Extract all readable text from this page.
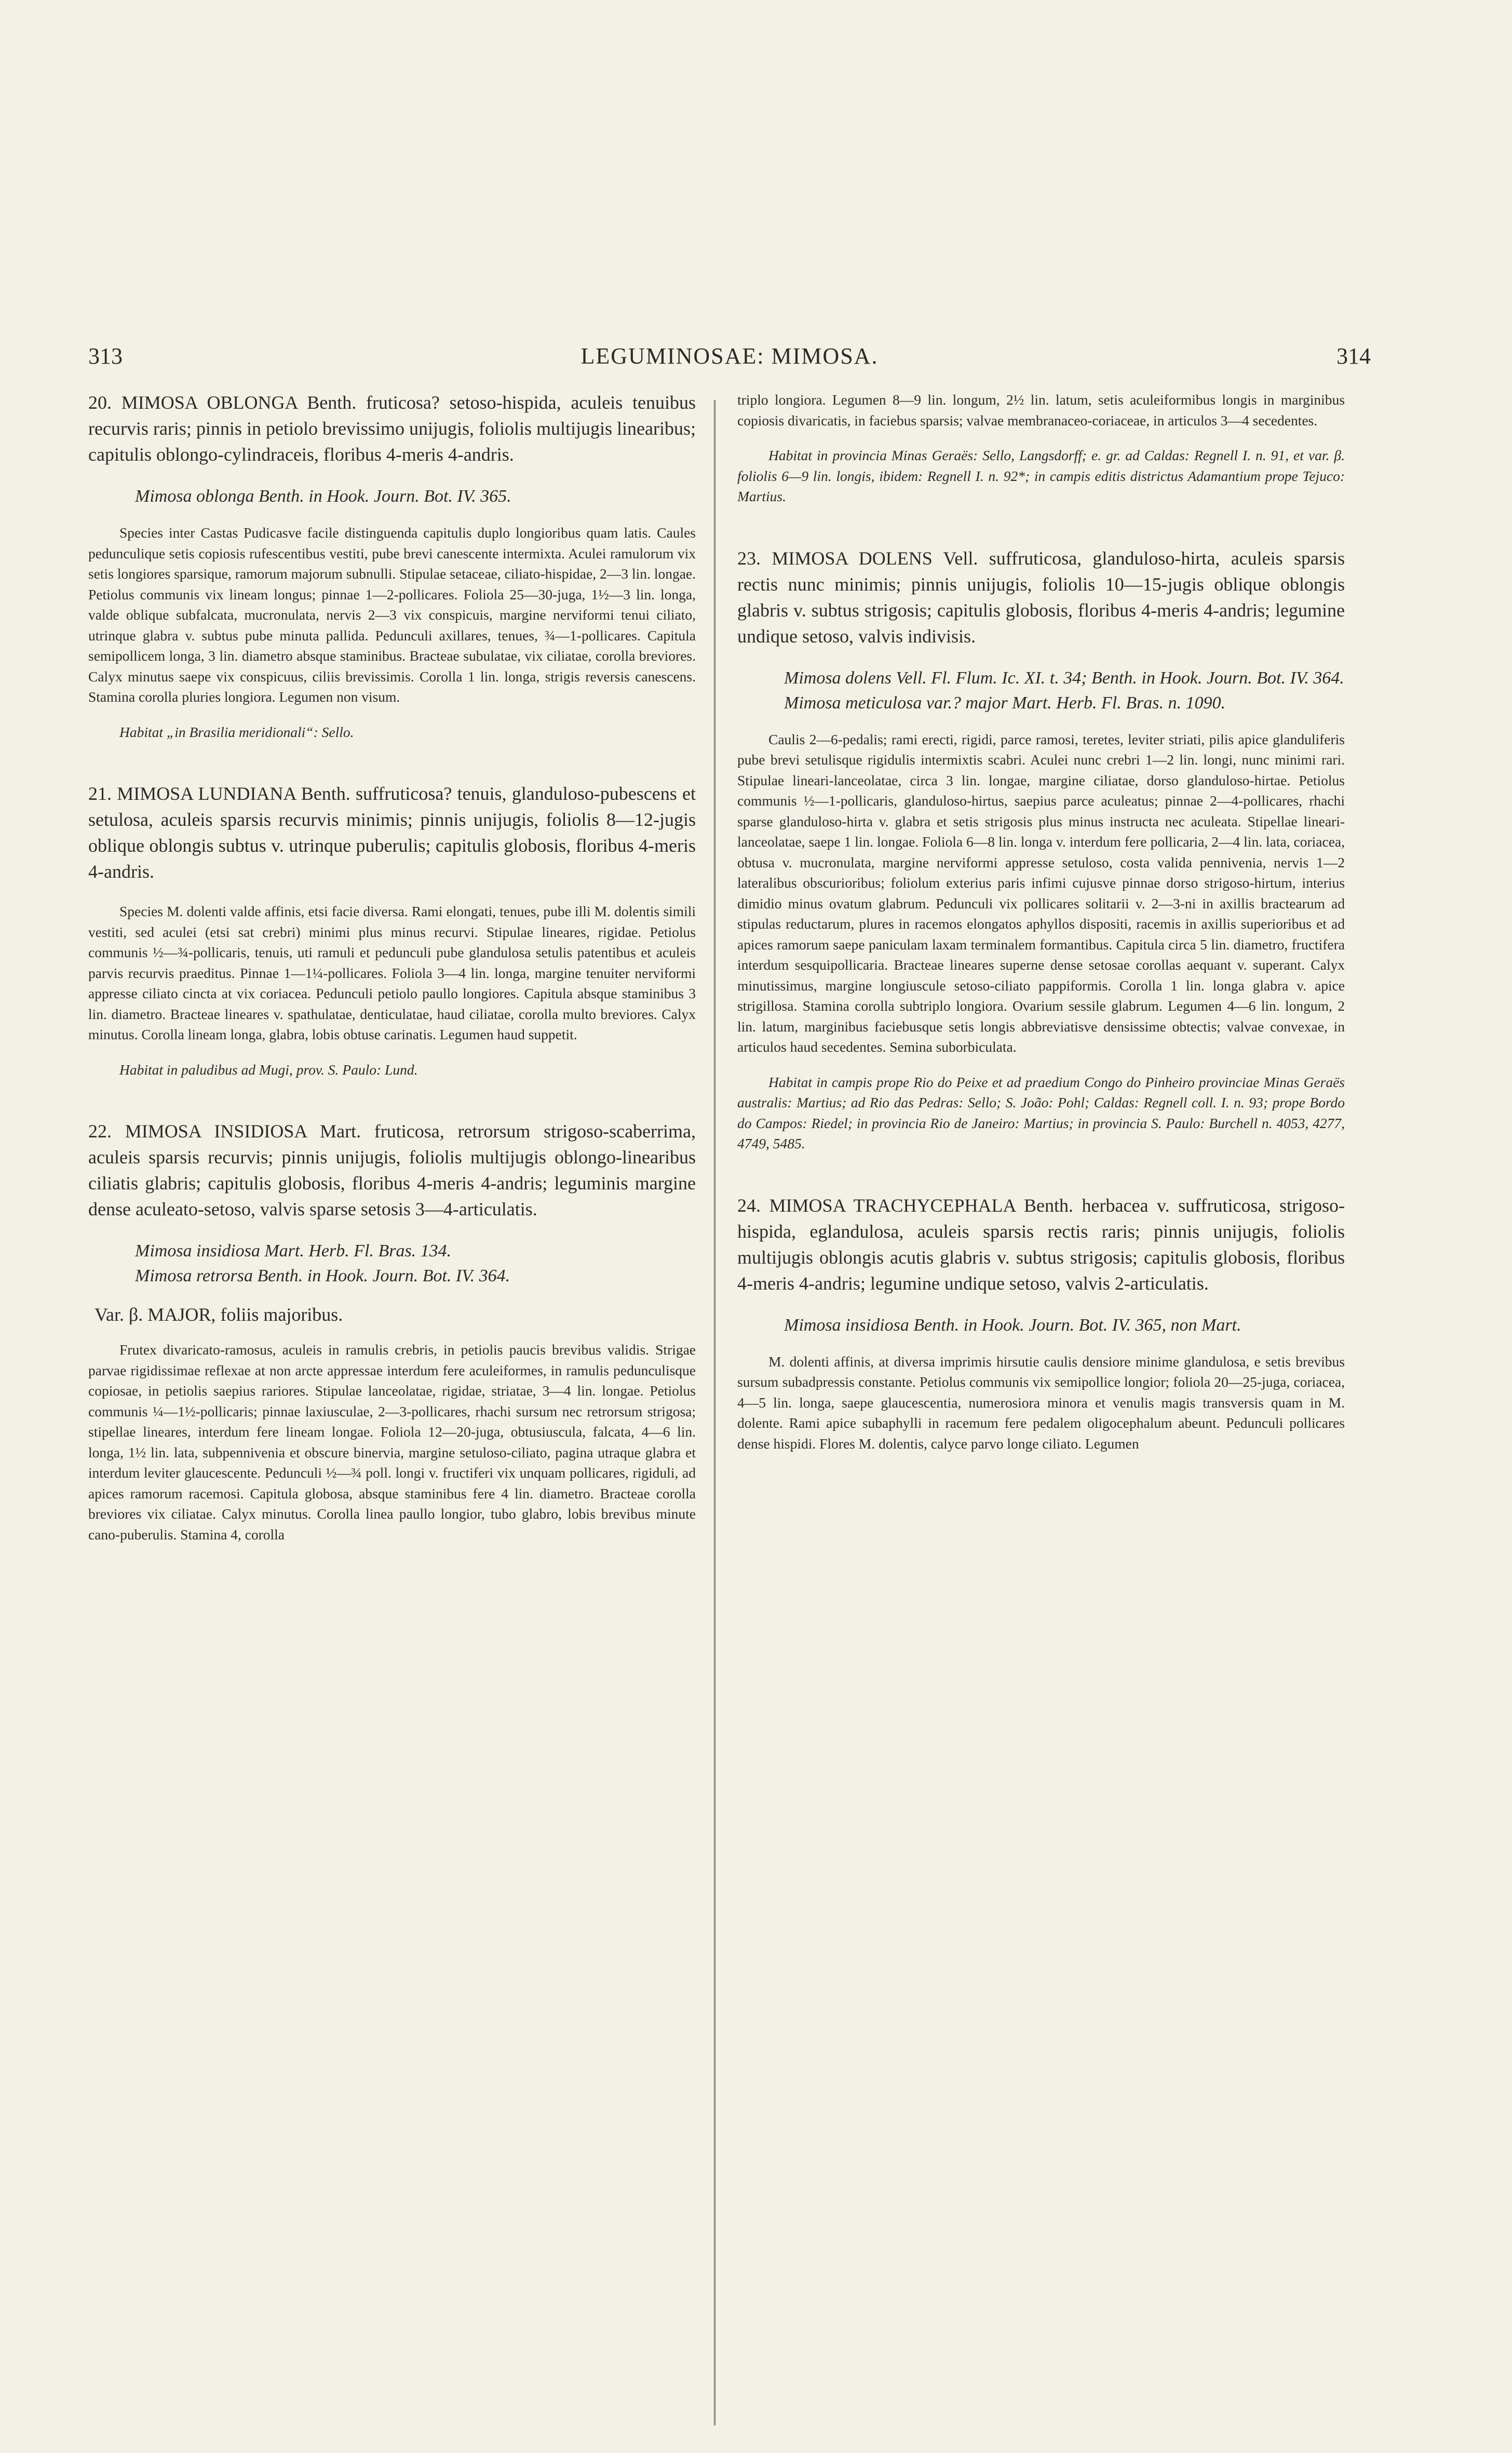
313	LEGUMINOSAE: MIMOSA.	314

20. MIMOSA OBLONGA Benth. fruticosa? setoso-hispida, aculeis tenuibus recurvis raris; pinnis in petiolo brevissimo unijugis, foliolis multijugis linearibus; capitulis oblongo-cylindraceis, floribus 4-meris 4-andris.

Mimosa oblonga Benth. in Hook. Journ. Bot. IV. 365.

Species inter Castas Pudicasve facile distinguenda capitulis duplo longioribus quam latis. Caules pedunculique setis copiosis rufescentibus vestiti, pube brevi canescente intermixta. Aculei ramulorum vix setis longiores sparsique, ramorum majorum subnulli. Stipulae setaceae, ciliato-hispidae, 2—3 lin. longae. Petiolus communis vix lineam longus; pinnae 1—2-pollicares. Foliola 25—30-juga, 1½—3 lin. longa, valde oblique subfalcata, mucronulata, nervis 2—3 vix conspicuis, margine nerviformi tenui ciliato, utrinque glabra v. subtus pube minuta pallida. Pedunculi axillares, tenues, ¾—1-pollicares. Capitula semipollicem longa, 3 lin. diametro absque staminibus. Bracteae subulatae, vix ciliatae, corolla breviores. Calyx minutus saepe vix conspicuus, ciliis brevissimis. Corolla 1 lin. longa, strigis reversis canescens. Stamina corolla pluries longiora. Legumen non visum.

Habitat „in Brasilia meridionali“: Sello.

21. MIMOSA LUNDIANA Benth. suffruticosa? tenuis, glanduloso-pubescens et setulosa, aculeis sparsis recurvis minimis; pinnis unijugis, foliolis 8—12-jugis oblique oblongis subtus v. utrinque puberulis; capitulis globosis, floribus 4-meris 4-andris.

Species M. dolenti valde affinis, etsi facie diversa. Rami elongati, tenues, pube illi M. dolentis simili vestiti, sed aculei (etsi sat crebri) minimi plus minus recurvi. Stipulae lineares, rigidae. Petiolus communis ½—¾-pollicaris, tenuis, uti ramuli et pedunculi pube glandulosa setulis patentibus et aculeis parvis recurvis praeditus. Pinnae 1—1¼-pollicares. Foliola 3—4 lin. longa, margine tenuiter nerviformi appresse ciliato cincta at vix coriacea. Pedunculi petiolo paullo longiores. Capitula absque staminibus 3 lin. diametro. Bracteae lineares v. spathulatae, denticulatae, haud ciliatae, corolla multo breviores. Calyx minutus. Corolla lineam longa, glabra, lobis obtuse carinatis. Legumen haud suppetit.

Habitat in paludibus ad Mugi, prov. S. Paulo: Lund.

22. MIMOSA INSIDIOSA Mart. fruticosa, retrorsum strigoso-scaberrima, aculeis sparsis recurvis; pinnis unijugis, foliolis multijugis oblongo-linearibus ciliatis glabris; capitulis globosis, floribus 4-meris 4-andris; leguminis margine dense aculeato-setoso, valvis sparse setosis 3—4-articulatis.

Mimosa insidiosa Mart. Herb. Fl. Bras. 134.

Mimosa retrorsa Benth. in Hook. Journ. Bot. IV. 364.

Var. β. MAJOR, foliis majoribus.

Frutex divaricato-ramosus, aculeis in ramulis crebris, in petiolis paucis brevibus validis. Strigae parvae rigidissimae reflexae at non arcte appressae interdum fere aculeiformes, in ramulis pedunculisque copiosae, in petiolis saepius rariores. Stipulae lanceolatae, rigidae, striatae, 3—4 lin. longae. Petiolus communis ¼—1½-pollicaris; pinnae laxiusculae, 2—3-pollicares, rhachi sursum nec retrorsum strigosa; stipellae lineares, interdum fere lineam longae. Foliola 12—20-juga, obtusiuscula, falcata, 4—6 lin. longa, 1½ lin. lata, subpennivenia et obscure binervia, margine setuloso-ciliato, pagina utraque glabra et interdum leviter glaucescente. Pedunculi ½—¾ poll. longi v. fructiferi vix unquam pollicares, rigiduli, ad apices ramorum racemosi. Capitula globosa, absque staminibus fere 4 lin. diametro. Bracteae corolla breviores vix ciliatae. Calyx minutus. Corolla linea paullo longior, tubo glabro, lobis brevibus minute cano-puberulis. Stamina 4, corolla

triplo longiora. Legumen 8—9 lin. longum, 2½ lin. latum, setis aculeiformibus longis in marginibus copiosis divaricatis, in faciebus sparsis; valvae membranaceo-coriaceae, in articulos 3—4 secedentes.

Habitat in provincia Minas Geraës: Sello, Langsdorff; e. gr. ad Caldas: Regnell I. n. 91, et var. β. foliolis 6—9 lin. longis, ibidem: Regnell I. n. 92*; in campis editis districtus Adamantium prope Tejuco: Martius.

23. MIMOSA DOLENS Vell. suffruticosa, glanduloso-hirta, aculeis sparsis rectis nunc minimis; pinnis unijugis, foliolis 10—15-jugis oblique oblongis glabris v. subtus strigosis; capitulis globosis, floribus 4-meris 4-andris; legumine undique setoso, valvis indivisis.

Mimosa dolens Vell. Fl. Flum. Ic. XI. t. 34; Benth. in Hook. Journ. Bot. IV. 364.

Mimosa meticulosa var.? major Mart. Herb. Fl. Bras. n. 1090.

Caulis 2—6-pedalis; rami erecti, rigidi, parce ramosi, teretes, leviter striati, pilis apice glanduliferis pube brevi setulisque rigidulis intermixtis scabri. Aculei nunc crebri 1—2 lin. longi, nunc minimi rari. Stipulae lineari-lanceolatae, circa 3 lin. longae, margine ciliatae, dorso glanduloso-hirtae. Petiolus communis ½—1-pollicaris, glanduloso-hirtus, saepius parce aculeatus; pinnae 2—4-pollicares, rhachi sparse glanduloso-hirta v. glabra et setis strigosis plus minus instructa nec aculeata. Stipellae lineari-lanceolatae, saepe 1 lin. longae. Foliola 6—8 lin. longa v. interdum fere pollicaria, 2—4 lin. lata, coriacea, obtusa v. mucronulata, margine nerviformi appresse setuloso, costa valida pennivenia, nervis 1—2 lateralibus obscurioribus; foliolum exterius paris infimi cujusve pinnae dorso strigoso-hirtum, interius dimidio minus ovatum glabrum. Pedunculi vix pollicares solitarii v. 2—3-ni in axillis bractearum ad stipulas reductarum, plures in racemos elongatos aphyllos dispositi, racemis in axillis superioribus et ad apices ramorum saepe paniculam laxam terminalem formantibus. Capitula circa 5 lin. diametro, fructifera interdum sesquipollicaria. Bracteae lineares superne dense setosae corollas aequant v. superant. Calyx minutissimus, margine longiuscule setoso-ciliato pappiformis. Corolla 1 lin. longa glabra v. apice strigillosa. Stamina corolla subtriplo longiora. Ovarium sessile glabrum. Legumen 4—6 lin. longum, 2 lin. latum, marginibus faciebusque setis longis abbreviatisve densissime obtectis; valvae convexae, in articulos haud secedentes. Semina suborbiculata.

Habitat in campis prope Rio do Peixe et ad praedium Congo do Pinheiro provinciae Minas Geraës australis: Martius; ad Rio das Pedras: Sello; S. João: Pohl; Caldas: Regnell coll. I. n. 93; prope Bordo do Campos: Riedel; in provincia Rio de Janeiro: Martius; in provincia S. Paulo: Burchell n. 4053, 4277, 4749, 5485.

24. MIMOSA TRACHYCEPHALA Benth. herbacea v. suffruticosa, strigoso-hispida, eglandulosa, aculeis sparsis rectis raris; pinnis unijugis, foliolis multijugis oblongis acutis glabris v. subtus strigosis; capitulis globosis, floribus 4-meris 4-andris; legumine undique setoso, valvis 2-articulatis.

Mimosa insidiosa Benth. in Hook. Journ. Bot. IV. 365, non Mart.

M. dolenti affinis, at diversa imprimis hirsutie caulis densiore minime glandulosa, e setis brevibus sursum subadpressis constante. Petiolus communis vix semipollice longior; foliola 20—25-juga, coriacea, 4—5 lin. longa, saepe glaucescentia, numerosiora minora et venulis magis transversis quam in M. dolente. Rami apice subaphylli in racemum fere pedalem oligocephalum abeunt. Pedunculi pollicares dense hispidi. Flores M. dolentis, calyce parvo longe ciliato. Legumen
